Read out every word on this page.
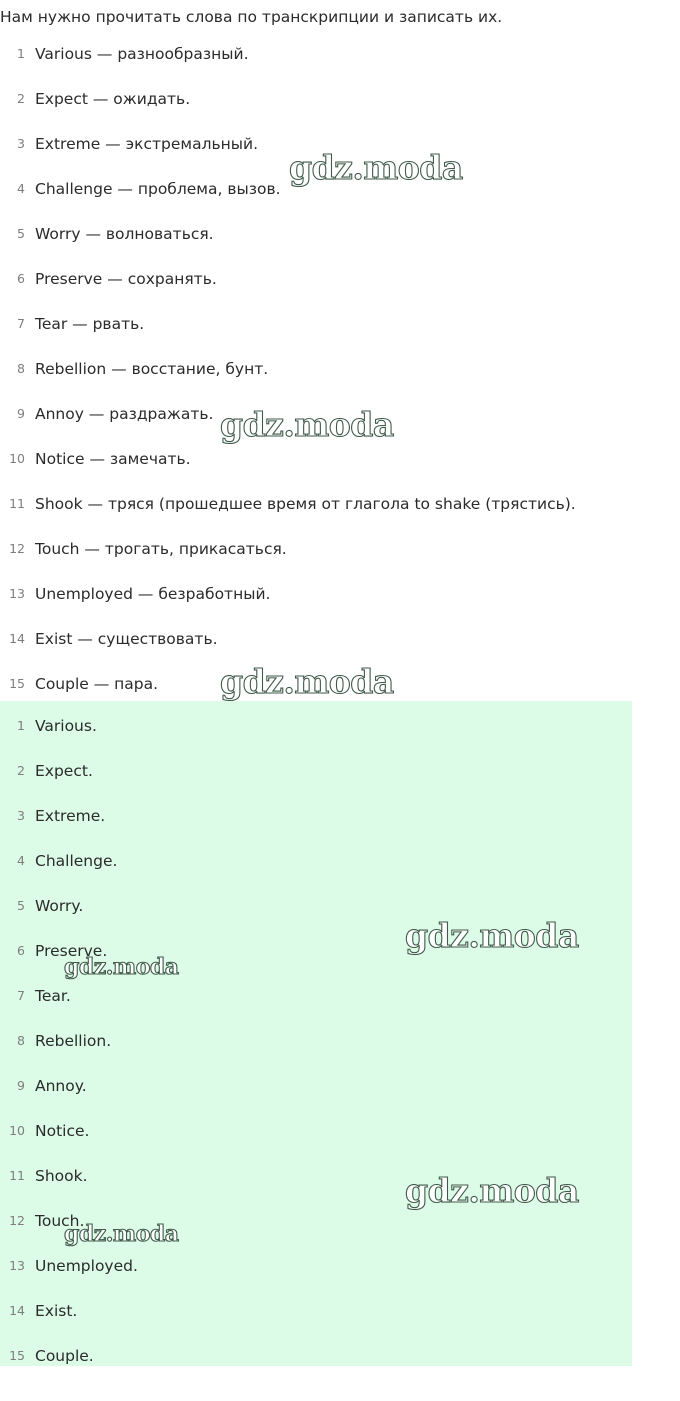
Нам нужно прочитать слова по транскрипции и записать их.
1 Various — разнообразный.
2 Expect — ожидать.
3 Extreme — экстремальный.
4 Challenge — проблема, вызов.
5 Worry — волноваться.
6 Preserve — сохранять.
7 Tear — рвать.
8 Rebellion — восстание, бунт.
9 Annoy — раздражать.
10 Notice — замечать.
11 Shook — тряся (прошедшее время от глагола to shake (трястись).
12 Touch — трогать, прикасаться.
13 Unemployed — безработный.
14 Exist — существовать.
15 Couple — пара.
1 Various.
2 Expect.
3 Extreme.
4 Challenge.
5 Worry.
6 Preserve.
7 Tear.
8 Rebellion.
9 Annoy.
10 Notice.
11 Shook.
12 Touch.
13 Unemployed.
14 Exist.
15 Couple.
gdz.moda
gdz.moda
gdz.moda
gdz.moda
gdz.moda
gdz.moda
gdz.moda
